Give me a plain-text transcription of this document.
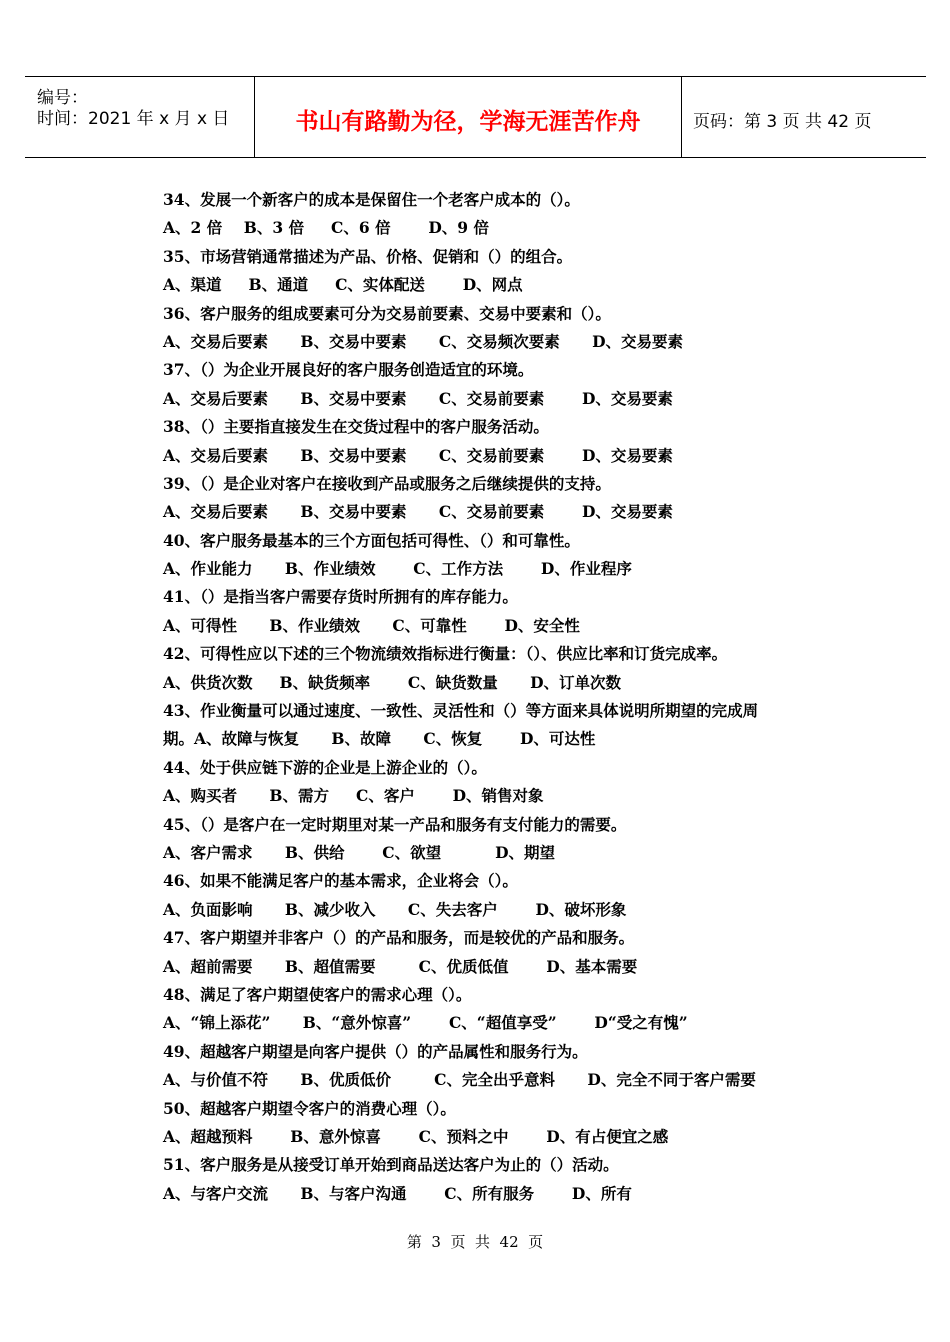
编号：
时间：2021 年 x 月 x 日	书山有路勤为径，学海无涯苦作舟	页码：第 3 页 共 42 页
34、发展一个新客户的成本是保留住一个老客户成本的（）。
A、2 倍    B、3 倍     C、6 倍       D、9 倍
35、市场营销通常描述为产品、价格、促销和（）的组合。
A、渠道     B、通道     C、实体配送       D、网点
36、客户服务的组成要素可分为交易前要素、交易中要素和（）。
A、交易后要素      B、交易中要素      C、交易频次要素      D、交易要素
37、（）为企业开展良好的客户服务创造适宜的环境。
A、交易后要素      B、交易中要素      C、交易前要素       D、交易要素
38、（）主要指直接发生在交货过程中的客户服务活动。
A、交易后要素      B、交易中要素      C、交易前要素       D、交易要素
39、（）是企业对客户在接收到产品或服务之后继续提供的支持。
A、交易后要素      B、交易中要素      C、交易前要素       D、交易要素
40、客户服务最基本的三个方面包括可得性、（）和可靠性。
A、作业能力      B、作业绩效       C、工作方法       D、作业程序
41、（）是指当客户需要存货时所拥有的库存能力。
A、可得性      B、作业绩效      C、可靠性       D、安全性
42、可得性应以下述的三个物流绩效指标进行衡量：（）、供应比率和订货完成率。
A、供货次数     B、缺货频率       C、缺货数量      D、订单次数
43、作业衡量可以通过速度、一致性、灵活性和（）等方面来具体说明所期望的完成周
期。A、故障与恢复      B、故障      C、恢复       D、可达性
44、处于供应链下游的企业是上游企业的（）。
A、购买者      B、需方     C、客户       D、销售对象
45、（）是客户在一定时期里对某一产品和服务有支付能力的需要。
A、客户需求      B、供给       C、欲望          D、期望
46、如果不能满足客户的基本需求，企业将会（）。
A、负面影响      B、减少收入      C、失去客户       D、破坏形象
47、客户期望并非客户（）的产品和服务，而是较优的产品和服务。
A、超前需要      B、超值需要        C、优质低值       D、基本需要
48、满足了客户期望使客户的需求心理（）。
A、“锦上添花”      B、“意外惊喜”       C、“超值享受”       D“受之有愧”
49、超越客户期望是向客户提供（）的产品属性和服务行为。
A、与价值不符      B、优质低价        C、完全出乎意料      D、完全不同于客户需要
50、超越客户期望令客户的消费心理（）。
A、超越预料       B、意外惊喜       C、预料之中       D、有占便宜之感
51、客户服务是从接受订单开始到商品送达客户为止的（）活动。
A、与客户交流      B、与客户沟通       C、所有服务       D、所有
第  3  页  共  42  页
